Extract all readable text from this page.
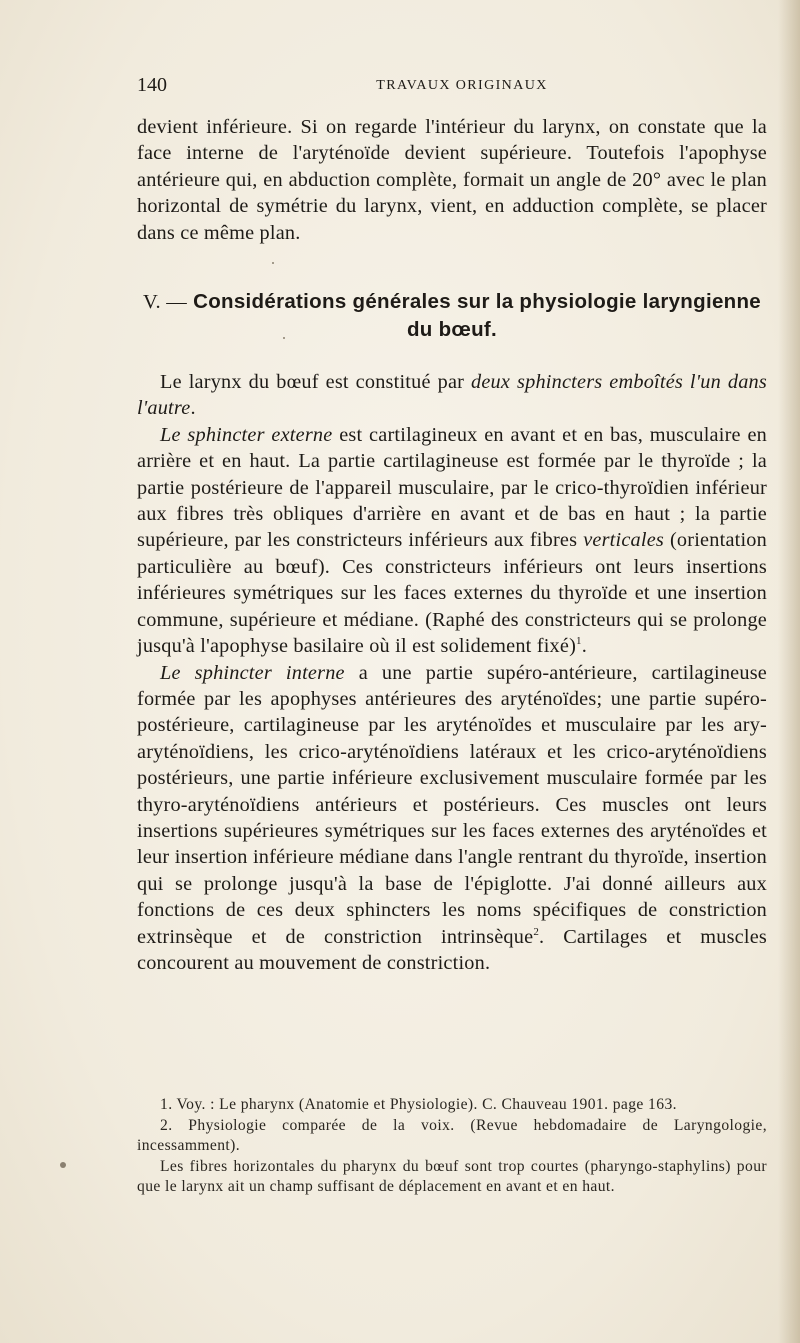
140	TRAVAUX ORIGINAUX

devient inférieure. Si on regarde l'intérieur du larynx, on constate que la face interne de l'aryténoïde devient supérieure. Toutefois l'apophyse antérieure qui, en abduction complète, formait un angle de 20° avec le plan horizontal de symétrie du larynx, vient, en adduction complète, se placer dans ce même plan.

V. — Considérations générales sur la physiologie laryngienne du bœuf.

Le larynx du bœuf est constitué par deux sphincters emboîtés l'un dans l'autre.

Le sphincter externe est cartilagineux en avant et en bas, musculaire en arrière et en haut. La partie cartilagineuse est formée par le thyroïde ; la partie postérieure de l'appareil musculaire, par le crico-thyroïdien inférieur aux fibres très obliques d'arrière en avant et de bas en haut ; la partie supérieure, par les constricteurs inférieurs aux fibres verticales (orientation particulière au bœuf). Ces constricteurs inférieurs ont leurs insertions inférieures symétriques sur les faces externes du thyroïde et une insertion commune, supérieure et médiane. (Raphé des constricteurs qui se prolonge jusqu'à l'apophyse basilaire où il est solidement fixé)$^1$.

Le sphincter interne a une partie supéro-antérieure, cartilagineuse formée par les apophyses antérieures des aryténoïdes; une partie supéro-postérieure, cartilagineuse par les aryténoïdes et musculaire par les ary-aryténoïdiens, les crico-aryténoïdiens latéraux et les crico-aryténoïdiens postérieurs, une partie inférieure exclusivement musculaire formée par les thyro-aryténoïdiens antérieurs et postérieurs. Ces muscles ont leurs insertions supérieures symétriques sur les faces externes des aryténoïdes et leur insertion inférieure médiane dans l'angle rentrant du thyroïde, insertion qui se prolonge jusqu'à la base de l'épiglotte. J'ai donné ailleurs aux fonctions de ces deux sphincters les noms spécifiques de constriction extrinsèque et de constriction intrinsèque$^2$. Cartilages et muscles concourent au mouvement de constriction.

1. Voy. : Le pharynx (Anatomie et Physiologie). C. Chauveau 1901. page 163.

2. Physiologie comparée de la voix. (Revue hebdomadaire de Laryngologie, incessamment).

Les fibres horizontales du pharynx du bœuf sont trop courtes (pharyngo-staphylins) pour que le larynx ait un champ suffisant de déplacement en avant et en haut.
